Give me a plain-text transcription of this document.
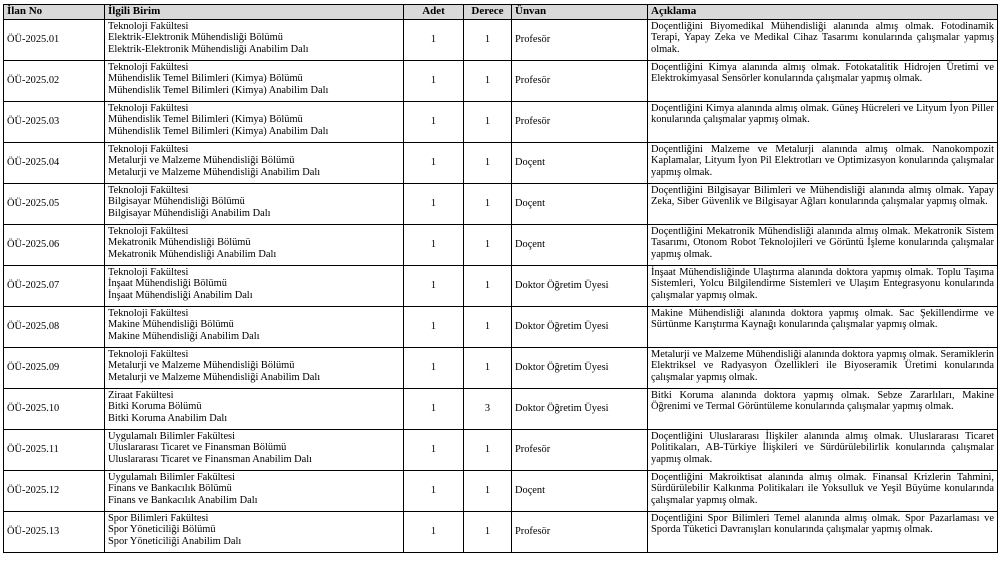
İlan No	İlgili Birim	Adet	Derece	Ünvan	Açıklama
ÖÜ-2025.01	Teknoloji Fakültesi
Elektrik-Elektronik Mühendisliği Bölümü
Elektrik-Elektronik Mühendisliği Anabilim Dalı	1	1	Profesör	Doçentliğini Biyomedikal Mühendisliği alanında almış olmak. Fotodinamik Terapi, Yapay Zeka ve Medikal Cihaz Tasarımı konularında çalışmalar yapmış olmak.
ÖÜ-2025.02	Teknoloji Fakültesi
Mühendislik Temel Bilimleri (Kimya) Bölümü
Mühendislik Temel Bilimleri (Kimya) Anabilim Dalı	1	1	Profesör	Doçentliğini Kimya alanında almış olmak. Fotokatalitik Hidrojen Üretimi ve Elektrokimyasal Sensörler konularında çalışmalar yapmış olmak.
ÖÜ-2025.03	Teknoloji Fakültesi
Mühendislik Temel Bilimleri (Kimya) Bölümü
Mühendislik Temel Bilimleri (Kimya) Anabilim Dalı	1	1	Profesör	Doçentliğini Kimya alanında almış olmak. Güneş Hücreleri ve Lityum İyon Piller konularında çalışmalar yapmış olmak.
ÖÜ-2025.04	Teknoloji Fakültesi
Metalurji ve Malzeme Mühendisliği Bölümü
Metalurji ve Malzeme Mühendisliği Anabilim Dalı	1	1	Doçent	Doçentliğini Malzeme ve Metalurji alanında almış olmak. Nanokompozit Kaplamalar, Lityum İyon Pil Elektrotları ve Optimizasyon konularında çalışmalar yapmış olmak.
ÖÜ-2025.05	Teknoloji Fakültesi
Bilgisayar Mühendisliği Bölümü
Bilgisayar Mühendisliği Anabilim Dalı	1	1	Doçent	Doçentliğini Bilgisayar Bilimleri ve Mühendisliği alanında almış olmak. Yapay Zeka, Siber Güvenlik ve Bilgisayar Ağları konularında çalışmalar yapmış olmak.
ÖÜ-2025.06	Teknoloji Fakültesi
Mekatronik Mühendisliği Bölümü
Mekatronik Mühendisliği Anabilim Dalı	1	1	Doçent	Doçentliğini Mekatronik Mühendisliği alanında almış olmak. Mekatronik Sistem Tasarımı, Otonom Robot Teknolojileri ve Görüntü İşleme konularında çalışmalar yapmış olmak.
ÖÜ-2025.07	Teknoloji Fakültesi
İnşaat Mühendisliği Bölümü
İnşaat Mühendisliği Anabilim Dalı	1	1	Doktor Öğretim Üyesi	İnşaat Mühendisliğinde Ulaştırma alanında doktora yapmış olmak. Toplu Taşıma Sistemleri, Yolcu Bilgilendirme Sistemleri ve Ulaşım Entegrasyonu konularında çalışmalar yapmış olmak.
ÖÜ-2025.08	Teknoloji Fakültesi
Makine Mühendisliği Bölümü
Makine Mühendisliği Anabilim Dalı	1	1	Doktor Öğretim Üyesi	Makine Mühendisliği alanında doktora yapmış olmak. Sac Şekillendirme ve Sürtünme Karıştırma Kaynağı konularında çalışmalar yapmış olmak.
ÖÜ-2025.09	Teknoloji Fakültesi
Metalurji ve Malzeme Mühendisliği Bölümü
Metalurji ve Malzeme Mühendisliği Anabilim Dalı	1	1	Doktor Öğretim Üyesi	Metalurji ve Malzeme Mühendisliği alanında doktora yapmış olmak. Seramiklerin Elektriksel ve Radyasyon Özellikleri ile Biyoseramik Üretimi konularında çalışmalar yapmış olmak.
ÖÜ-2025.10	Ziraat Fakültesi
Bitki Koruma Bölümü
Bitki Koruma Anabilim Dalı	1	3	Doktor Öğretim Üyesi	Bitki Koruma alanında doktora yapmış olmak. Sebze Zararlıları, Makine Öğrenimi ve Termal Görüntüleme konularında çalışmalar yapmış olmak.
ÖÜ-2025.11	Uygulamalı Bilimler Fakültesi
Uluslararası Ticaret ve Finansman Bölümü
Uluslararası Ticaret ve Finansman Anabilim Dalı	1	1	Profesör	Doçentliğini Uluslararası İlişkiler alanında almış olmak. Uluslararası Ticaret Politikaları, AB-Türkiye İlişkileri ve Sürdürülebilirlik konularında çalışmalar yapmış olmak.
ÖÜ-2025.12	Uygulamalı Bilimler Fakültesi
Finans ve Bankacılık Bölümü
Finans ve Bankacılık Anabilim Dalı	1	1	Doçent	Doçentliğini Makroiktisat alanında almış olmak. Finansal Krizlerin Tahmini, Sürdürülebilir Kalkınma Politikaları ile Yoksulluk ve Yeşil Büyüme konularında çalışmalar yapmış olmak.
ÖÜ-2025.13	Spor Bilimleri Fakültesi
Spor Yöneticiliği Bölümü
Spor Yöneticiliği Anabilim Dalı	1	1	Profesör	Doçentliğini Spor Bilimleri Temel alanında almış olmak. Spor Pazarlaması ve Sporda Tüketici Davranışları konularında çalışmalar yapmış olmak.
